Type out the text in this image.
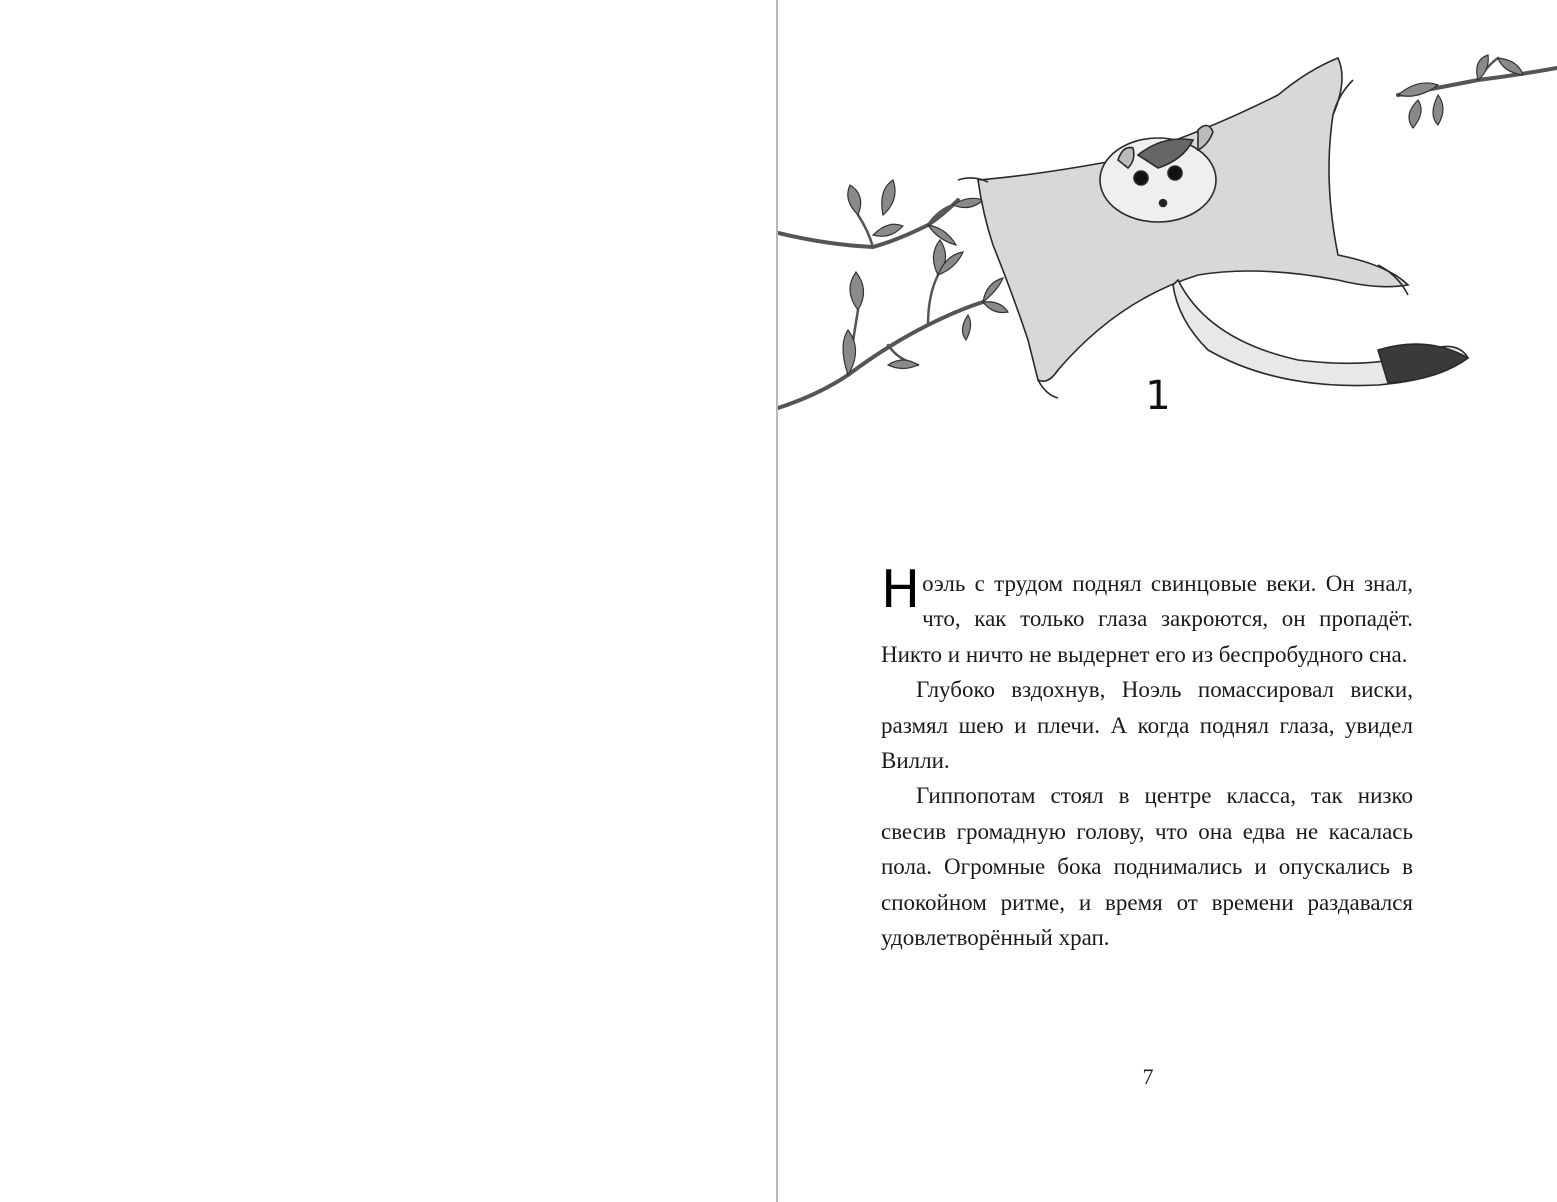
1

Ноэль с трудом поднял свинцовые веки. Он знал, что, как только глаза закроются, он пропадёт. Никто и ничто не выдернет его из беспробудного сна.

Глубоко вздохнув, Ноэль помассировал виски, размял шею и плечи. А когда поднял глаза, увидел Вилли.

Гиппопотам стоял в центре класса, так низко свесив громадную голову, что она едва не касалась пола. Огромные бока поднимались и опускались в спокойном ритме, и время от времени раздавался удовлетворённый храп.

7
